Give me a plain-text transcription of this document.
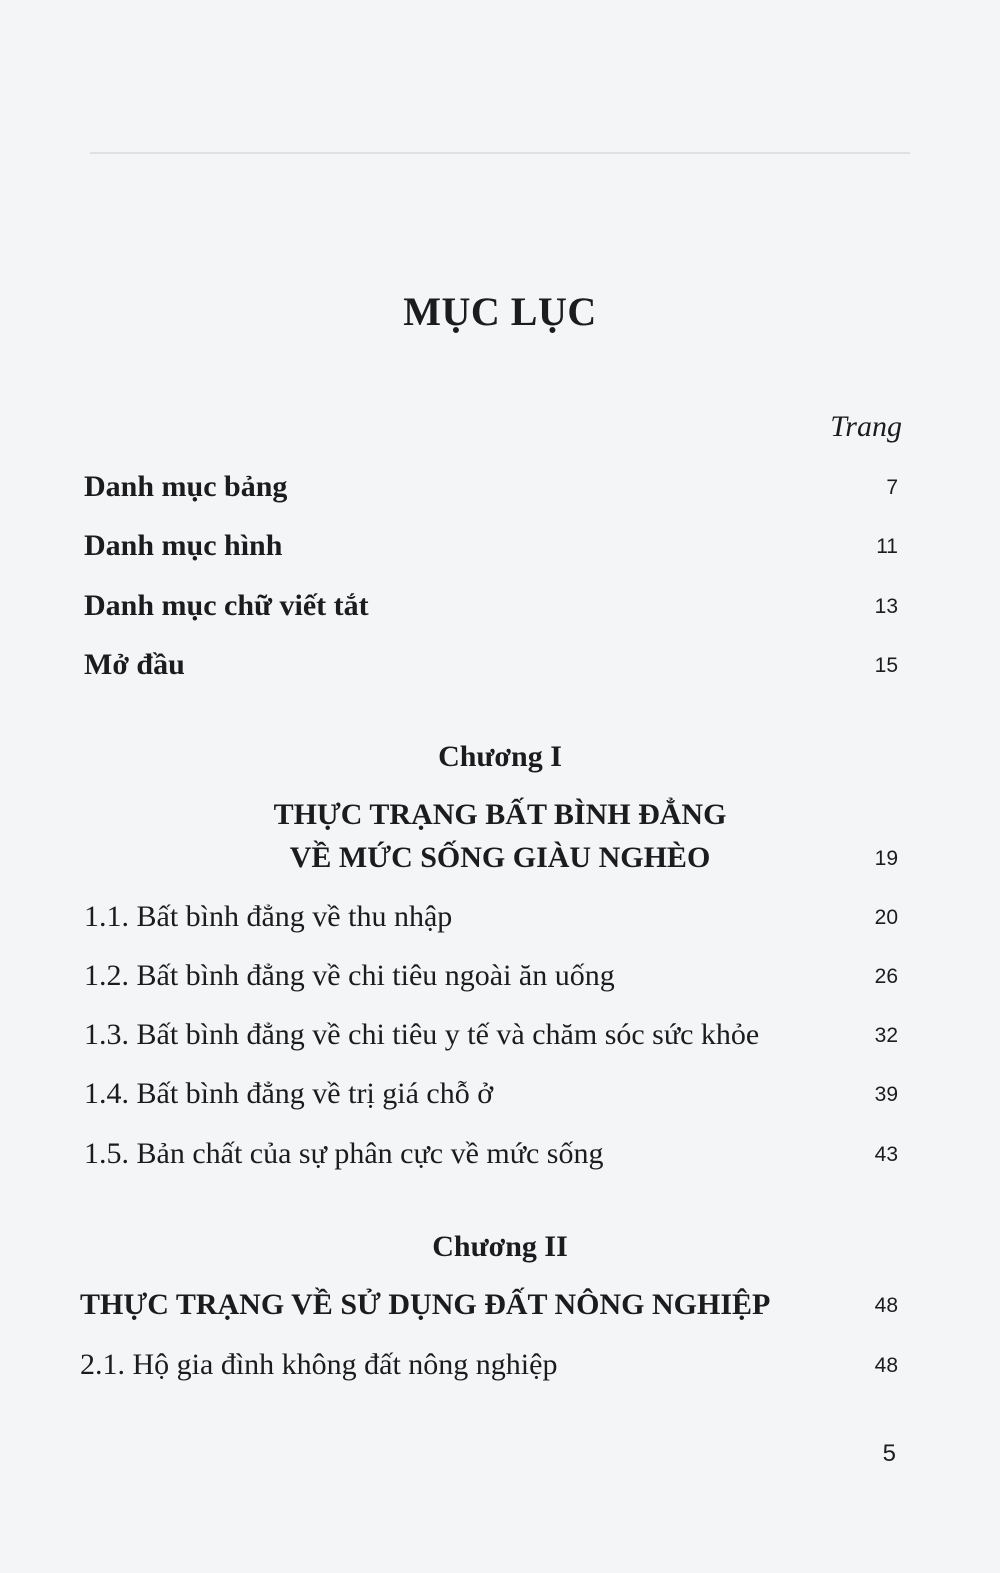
MỤC LỤC
Trang
Danh mục bảng	7
Danh mục hình	11
Danh mục chữ viết tắt	13
Mở đầu	15
Chương I
THỰC TRẠNG BẤT BÌNH ĐẲNG
VỀ MỨC SỐNG GIÀU NGHÈO	19
1.1. Bất bình đẳng về thu nhập	20
1.2. Bất bình đẳng về chi tiêu ngoài ăn uống	26
1.3. Bất bình đẳng về chi tiêu y tế và chăm sóc sức khỏe	32
1.4. Bất bình đẳng về trị giá chỗ ở	39
1.5. Bản chất của sự phân cực về mức sống	43
Chương II
THỰC TRẠNG VỀ SỬ DỤNG ĐẤT NÔNG NGHIỆP	48
2.1. Hộ gia đình không đất nông nghiệp	48
5
